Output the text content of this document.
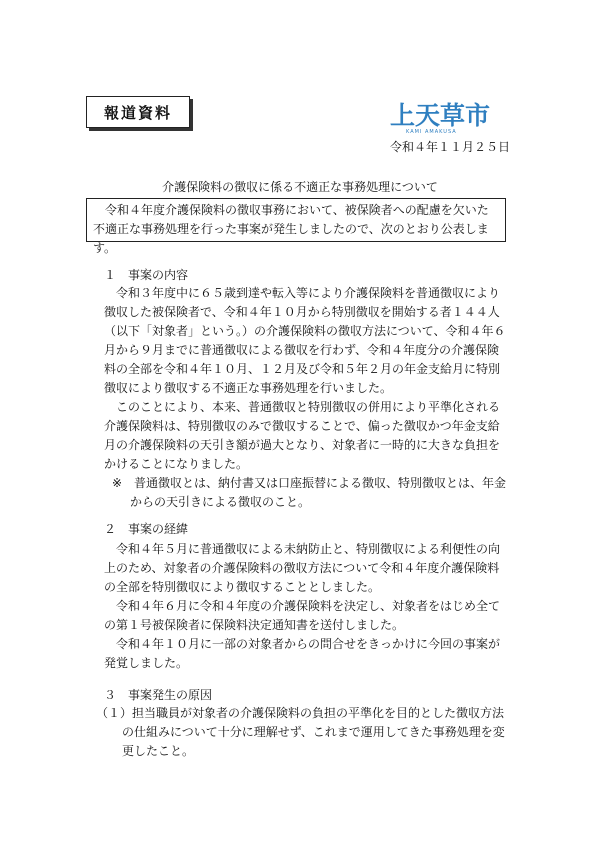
報道資料	上天草市
KAMI AMAKUSA
令和４年１１月２５日
介護保険料の徴収に係る不適正な事務処理について

令和４年度介護保険料の徴収事務において、被保険者への配慮を欠いた不適正な事務処理を行った事案が発生しましたので、次のとおり公表します。

１　事案の内容

令和３年度中に６５歳到達や転入等により介護保険料を普通徴収により徴収した被保険者で、令和４年１０月から特別徴収を開始する者１４４人（以下「対象者」という。）の介護保険料の徴収方法について、令和４年６月から９月までに普通徴収による徴収を行わず、令和４年度分の介護保険料の全部を令和４年１０月、１２月及び令和５年２月の年金支給月に特別徴収により徴収する不適正な事務処理を行いました。

このことにより、本来、普通徴収と特別徴収の併用により平準化される介護保険料は、特別徴収のみで徴収することで、偏った徴収かつ年金支給月の介護保険料の天引き額が過大となり、対象者に一時的に大きな負担をかけることになりました。

※　普通徴収とは、納付書又は口座振替による徴収、特別徴収とは、年金からの天引きによる徴収のこと。

２　事案の経緯

令和４年５月に普通徴収による未納防止と、特別徴収による利便性の向上のため、対象者の介護保険料の徴収方法について令和４年度介護保険料の全部を特別徴収により徴収することとしました。

令和４年６月に令和４年度の介護保険料を決定し、対象者をはじめ全ての第１号被保険者に保険料決定通知書を送付しました。

令和４年１０月に一部の対象者からの問合せをきっかけに今回の事案が発覚しました。

３　事案発生の原因

（１）担当職員が対象者の介護保険料の負担の平準化を目的とした徴収方法の仕組みについて十分に理解せず、これまで運用してきた事務処理を変更したこと。
